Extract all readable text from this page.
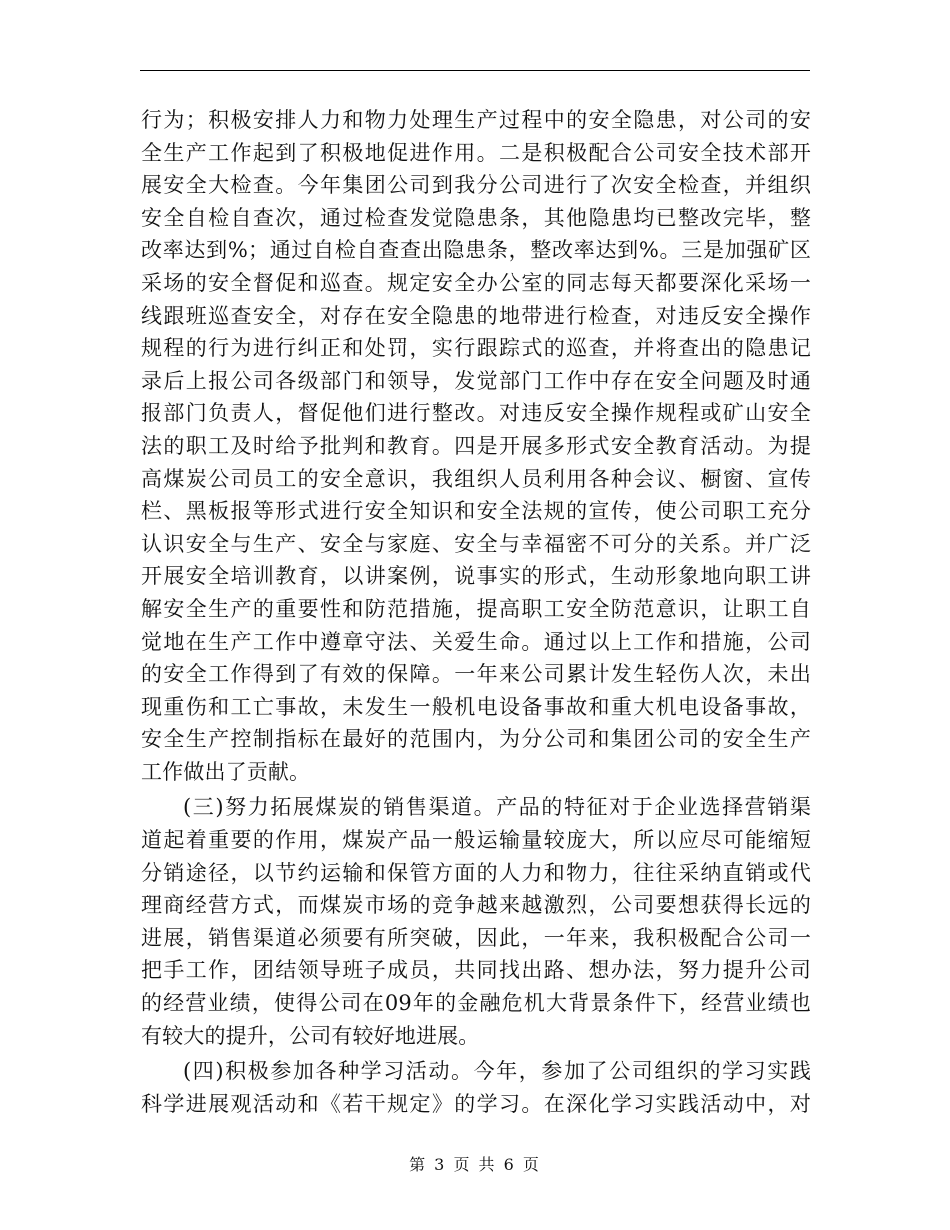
行为；积极安排人力和物力处理生产过程中的安全隐患，对公司的安
全生产工作起到了积极地促进作用。二是积极配合公司安全技术部开
展安全大检查。今年集团公司到我分公司进行了次安全检查，并组织
安全自检自查次，通过检查发觉隐患条，其他隐患均已整改完毕，整
改率达到%；通过自检自查查出隐患条，整改率达到%。三是加强矿区
采场的安全督促和巡查。规定安全办公室的同志每天都要深化采场一
线跟班巡查安全，对存在安全隐患的地带进行检查，对违反安全操作
规程的行为进行纠正和处罚，实行跟踪式的巡查，并将查出的隐患记
录后上报公司各级部门和领导，发觉部门工作中存在安全问题及时通
报部门负责人，督促他们进行整改。对违反安全操作规程或矿山安全
法的职工及时给予批判和教育。四是开展多形式安全教育活动。为提
高煤炭公司员工的安全意识，我组织人员利用各种会议、橱窗、宣传
栏、黑板报等形式进行安全知识和安全法规的宣传，使公司职工充分
认识安全与生产、安全与家庭、安全与幸福密不可分的关系。并广泛
开展安全培训教育，以讲案例，说事实的形式，生动形象地向职工讲
解安全生产的重要性和防范措施，提高职工安全防范意识，让职工自
觉地在生产工作中遵章守法、关爱生命。通过以上工作和措施，公司
的安全工作得到了有效的保障。一年来公司累计发生轻伤人次，未出
现重伤和工亡事故，未发生一般机电设备事故和重大机电设备事故，
安全生产控制指标在最好的范围内，为分公司和集团公司的安全生产
工作做出了贡献。
(三)努力拓展煤炭的销售渠道。产品的特征对于企业选择营销渠
道起着重要的作用，煤炭产品一般运输量较庞大，所以应尽可能缩短
分销途径，以节约运输和保管方面的人力和物力，往往采纳直销或代
理商经营方式，而煤炭市场的竞争越来越激烈，公司要想获得长远的
进展，销售渠道必须要有所突破，因此，一年来，我积极配合公司一
把手工作，团结领导班子成员，共同找出路、想办法，努力提升公司
的经营业绩，使得公司在09年的金融危机大背景条件下，经营业绩也
有较大的提升，公司有较好地进展。
(四)积极参加各种学习活动。今年，参加了公司组织的学习实践
科学进展观活动和《若干规定》的学习。在深化学习实践活动中，对
第 3 页 共 6 页
